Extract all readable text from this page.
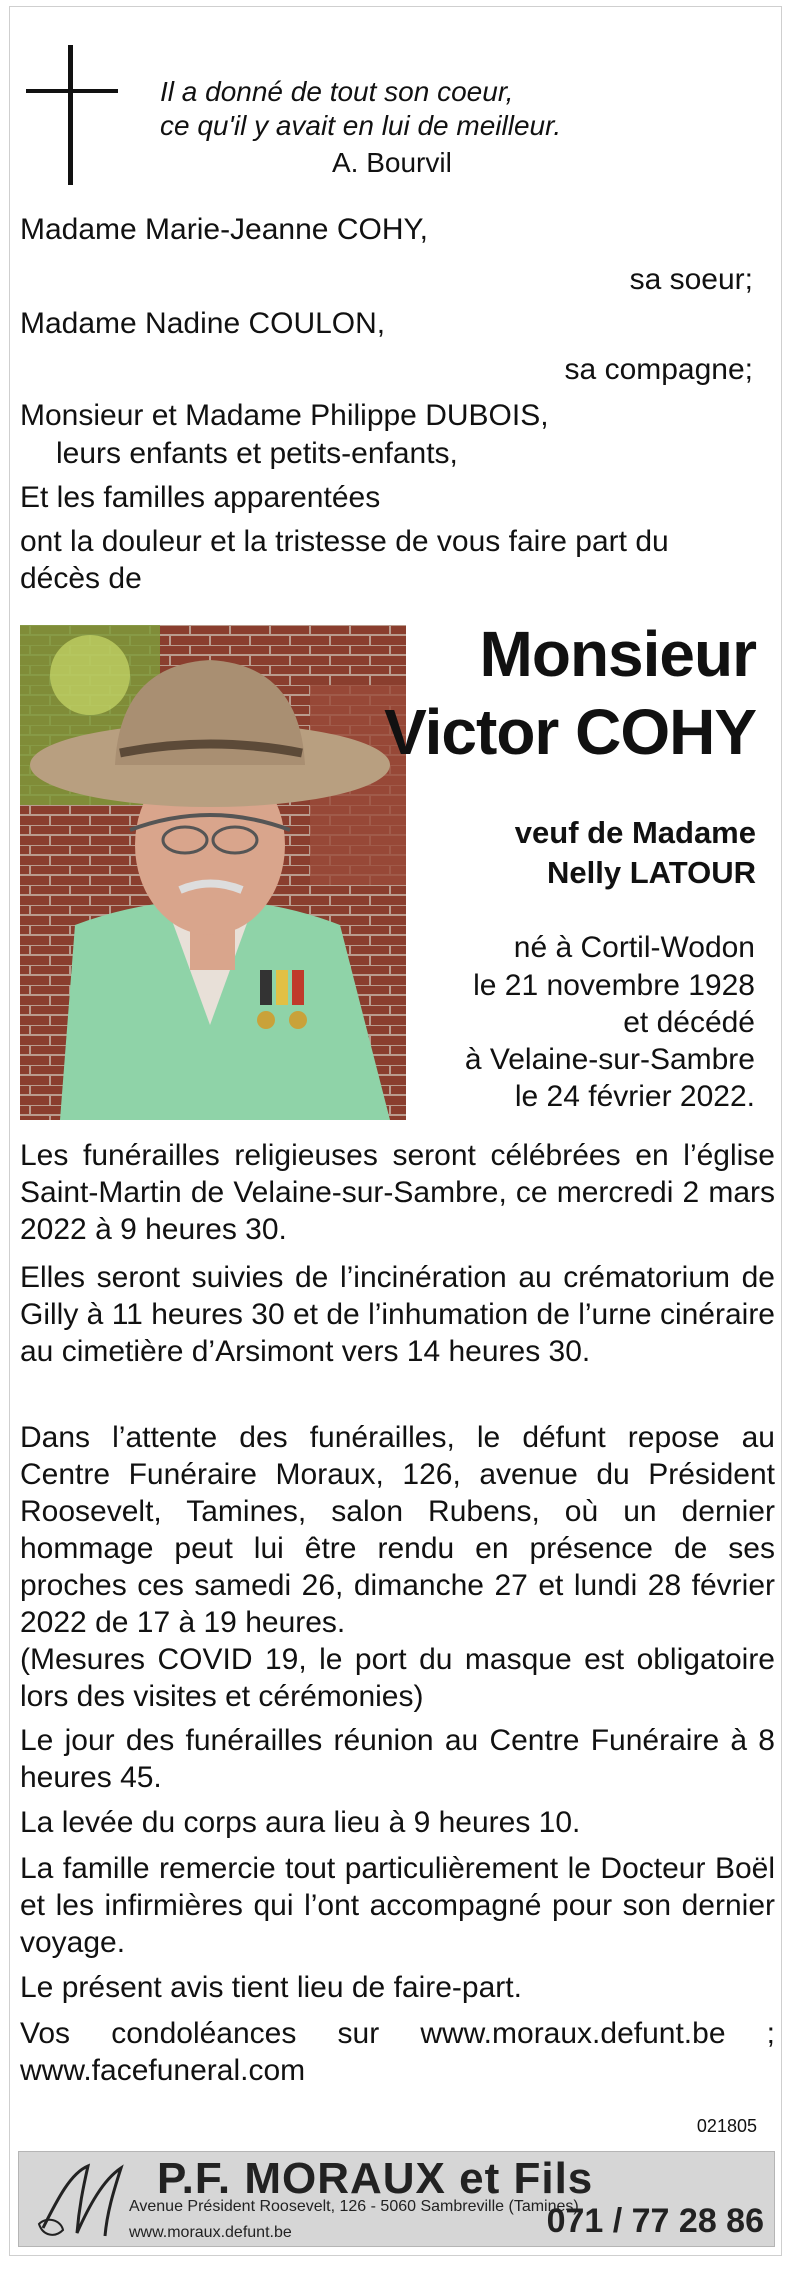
Il a donné de tout son coeur,
ce qu'il y avait en lui de meilleur.
A. Bourvil
Madame Marie-Jeanne COHY,
sa soeur;
Madame Nadine COULON,
sa compagne;
Monsieur et Madame Philippe DUBOIS,
leurs enfants et petits-enfants,
Et les familles apparentées
ont la douleur et la tristesse de vous faire part du
décès de
Monsieur
Victor COHY
veuf de Madame
Nelly LATOUR
né à Cortil-Wodon
le 21 novembre 1928
et décédé
à Velaine-sur-Sambre
le 24 février 2022.
Les funérailles religieuses seront célébrées en l’église Saint-Martin de Velaine-sur-Sambre, ce mercredi 2 mars 2022 à 9 heures 30.
Elles seront suivies de l’incinération au crématorium de Gilly à 11 heures 30 et de l’inhumation de l’urne cinéraire au cimetière d’Arsimont vers 14 heures 30.
Dans l’attente des funérailles, le défunt repose au Centre Funéraire Moraux, 126, avenue du Président Roosevelt, Tamines, salon Rubens, où un dernier hommage peut lui être rendu en présence de ses proches ces samedi 26, dimanche 27 et lundi 28 février 2022 de 17 à 19 heures.
(Mesures COVID 19, le port du masque est obligatoire lors des visites et cérémonies)
Le jour des funérailles réunion au Centre Funéraire à 8 heures 45.
La levée du corps aura lieu à 9 heures 10.
La famille remercie tout particulièrement le Docteur Boël et les infirmières qui l’ont accompagné pour son dernier voyage.
Le présent avis tient lieu de faire-part.
Vos condoléances sur www.moraux.defunt.be ; www.facefuneral.com
021805
P.F. MORAUX et Fils
Avenue Président Roosevelt, 126 - 5060 Sambreville (Tamines)
www.moraux.defunt.be	071 / 77 28 86
